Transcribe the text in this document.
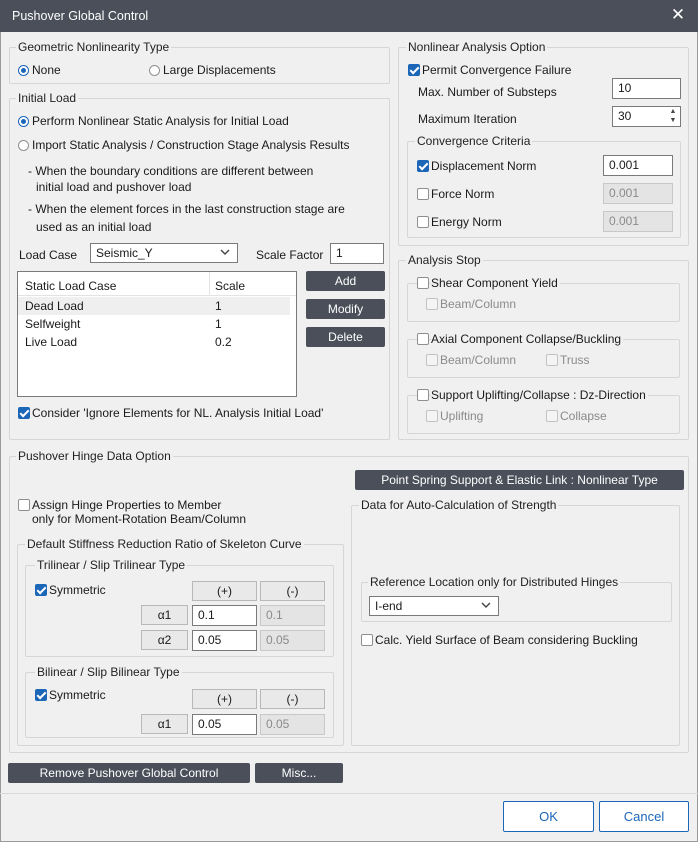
Pushover Global Control	✕
Geometric Nonlinearity Type
None	Large Displacements
Initial Load
Perform Nonlinear Static Analysis for Initial Load
Import Static Analysis / Construction Stage Analysis Results
- When the boundary conditions are different between
initial load and pushover load
- When the element forces in the last construction stage are
used as an initial load
Load Case	Seismic_Y	Scale Factor	1
Static Load Case	Scale
Dead Load	1
Selfweight	1
Live Load	0.2
Add
Modify
Delete
Consider 'Ignore Elements for NL. Analysis Initial Load'
Nonlinear Analysis Option
Permit Convergence Failure
Max. Number of Substeps	10
Maximum Iteration	30	▲
▼
Convergence Criteria
Displacement Norm	0.001
Force Norm	0.001
Energy Norm	0.001
Analysis Stop
Shear Component Yield
Beam/Column
Axial Component Collapse/Buckling
Beam/Column	Truss
Support Uplifting/Collapse : Dz-Direction
Uplifting	Collapse
Pushover Hinge Data Option
Point Spring Support & Elastic Link : Nonlinear Type
Assign Hinge Properties to Member
only for Moment-Rotation Beam/Column
Default Stiffness Reduction Ratio of Skeleton Curve
Trilinear / Slip Trilinear Type
Symmetric	(+)	(-)
α1	0.1	0.1
α2	0.05	0.05
Bilinear / Slip Bilinear Type
Symmetric	(+)	(-)
α1	0.05	0.05
Data for Auto-Calculation of Strength
Reference Location only for Distributed Hinges
I-end
Calc. Yield Surface of Beam considering Buckling
Remove Pushover Global Control	Misc...
OK	Cancel
